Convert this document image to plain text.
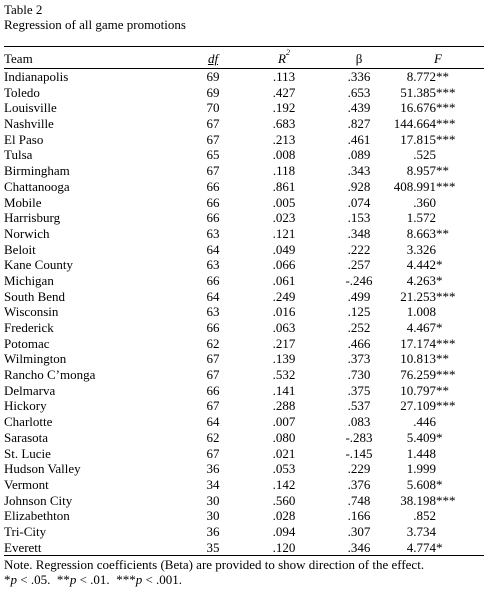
Table 2
Regression of all game promotions
Team	df	$R^2$	β	F
Indianapolis	69	.113	.336	8.772 **
Toledo	69	.427	.653	51.385 ***
Louisville	70	.192	.439	16.676 ***
Nashville	67	.683	.827	144.664 ***
El Paso	67	.213	.461	17.815 ***
Tulsa	65	.008	.089	.525
Birmingham	67	.118	.343	8.957 **
Chattanooga	66	.861	.928	408.991 ***
Mobile	66	.005	.074	.360
Harrisburg	66	.023	.153	1.572
Norwich	63	.121	.348	8.663 **
Beloit	64	.049	.222	3.326
Kane County	63	.066	.257	4.442 *
Michigan	66	.061	-.246	4.263 *
South Bend	64	.249	.499	21.253 ***
Wisconsin	63	.016	.125	1.008
Frederick	66	.063	.252	4.467 *
Potomac	62	.217	.466	17.174 ***
Wilmington	67	.139	.373	10.813 **
Rancho C’monga	67	.532	.730	76.259 ***
Delmarva	66	.141	.375	10.797 **
Hickory	67	.288	.537	27.109 ***
Charlotte	64	.007	.083	.446
Sarasota	62	.080	-.283	5.409 *
St. Lucie	67	.021	-.145	1.448
Hudson Valley	36	.053	.229	1.999
Vermont	34	.142	.376	5.608 *
Johnson City	30	.560	.748	38.198 ***
Elizabethton	30	.028	.166	.852
Tri-City	36	.094	.307	3.734
Everett	35	.120	.346	4.774 *
Note. Regression coefficients (Beta) are provided to show direction of the effect.
*p < .05. **p < .01. ***p < .001.
